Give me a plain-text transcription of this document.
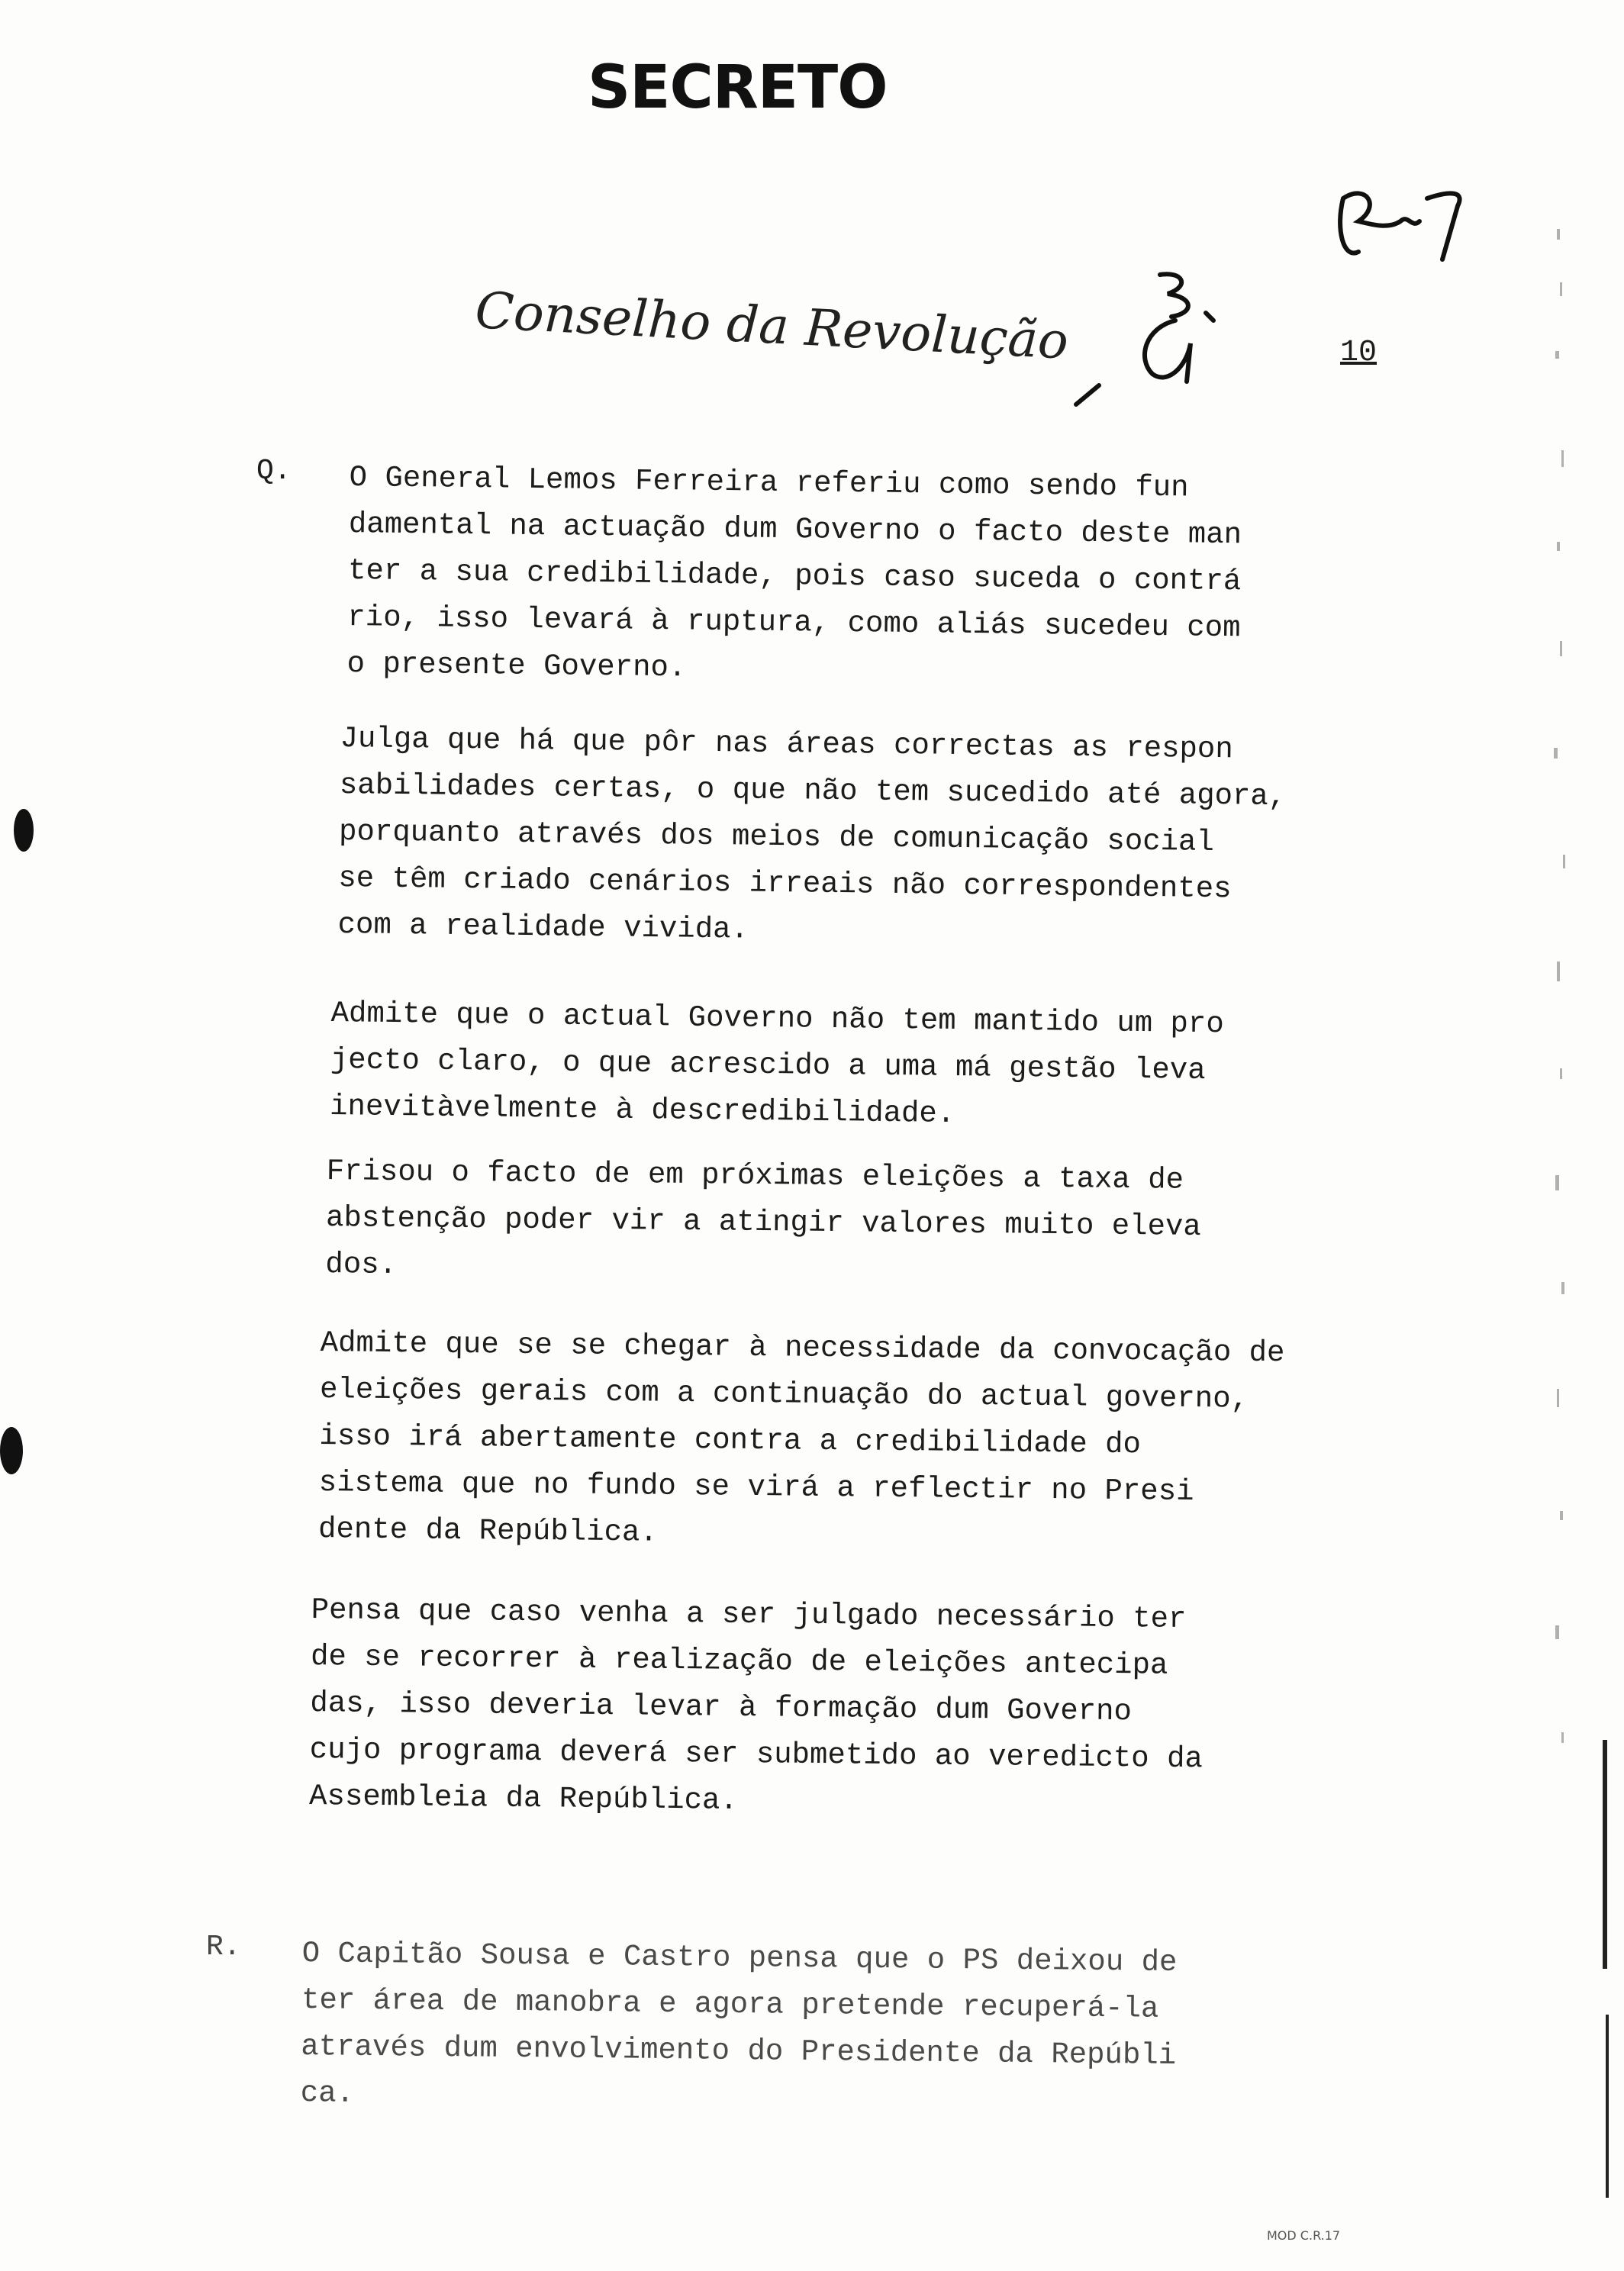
SECRETO
Conselho da Revolução	10
Q. O General Lemos Ferreira referiu como sendo fun
damental na actuação dum Governo o facto deste man
ter a sua credibilidade, pois caso suceda o contrá
rio, isso levará à ruptura, como aliás sucedeu com
o presente Governo.
Julga que há que pôr nas áreas correctas as respon
sabilidades certas, o que não tem sucedido até agora,
porquanto através dos meios de comunicação social
se têm criado cenários irreais não correspondentes
com a realidade vivida.
Admite que o actual Governo não tem mantido um pro
jecto claro, o que acrescido a uma má gestão leva
inevitàvelmente à descredibilidade.
Frisou o facto de em próximas eleições a taxa de
abstenção poder vir a atingir valores muito eleva
dos.
Admite que se se chegar à necessidade da convocação de
eleições gerais com a continuação do actual governo,
isso irá abertamente contra a credibilidade do
sistema que no fundo se virá a reflectir no Presi
dente da República.
Pensa que caso venha a ser julgado necessário ter
de se recorrer à realização de eleições antecipa
das, isso deveria levar à formação dum Governo
cujo programa deverá ser submetido ao veredicto da
Assembleia da República.
R. O Capitão Sousa e Castro pensa que o PS deixou de
ter área de manobra e agora pretende recuperá-la
através dum envolvimento do Presidente da Repúbli
ca.
MOD C.R.17
